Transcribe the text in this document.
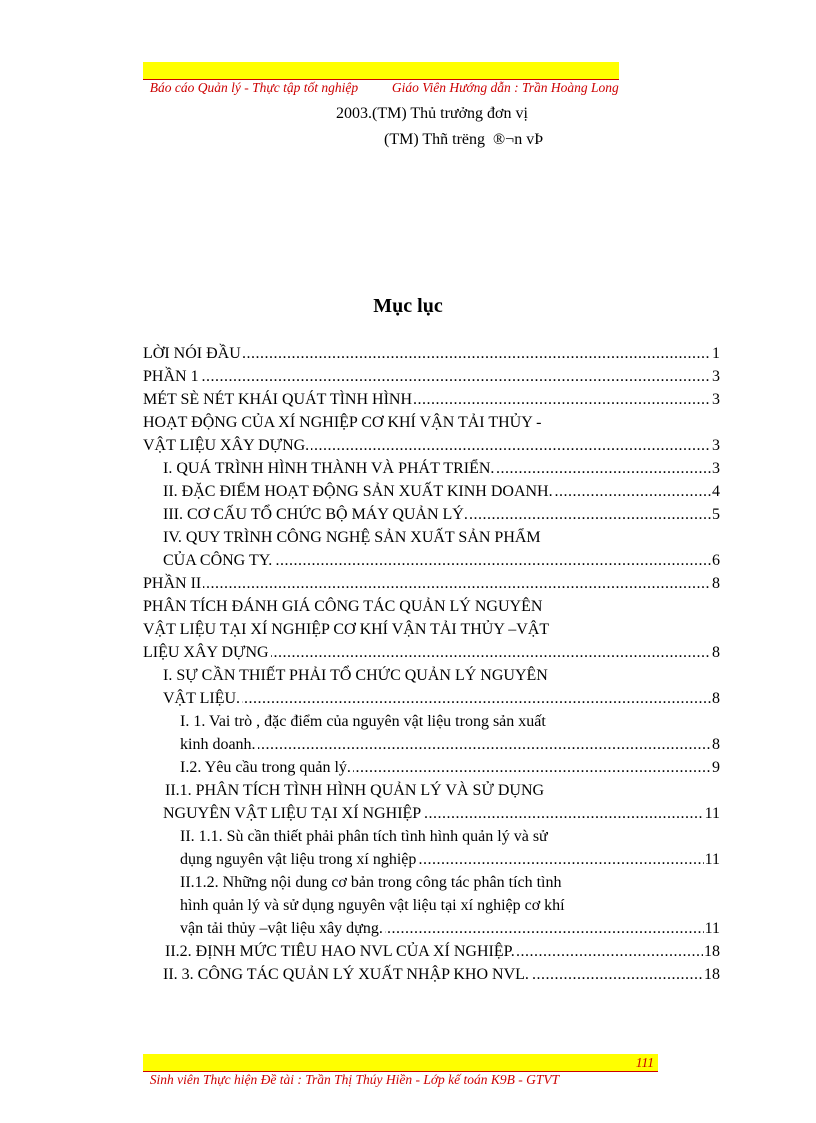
Báo cáo Quản lý - Thực tập tốt nghiệp          Giáo Viên Hướng dẫn : Trần Hoàng Long

2003.(TM) Thủ trưởng đơn vị
(TM) Thñ trëng  ®¬n vÞ
Mục lục
..... LỜI NÓI ĐẦU	1
..... PHẦN 1	3
..... MÉT SÈ NÉT KHÁI QUÁT TÌNH HÌNH	3
HOẠT ĐỘNG CỦA XÍ NGHIỆP CƠ KHÍ VẬN TẢI THỦY -
..... VẬT LIỆU XÂY DỰNG.	3
..... I. QUÁ TRÌNH HÌNH THÀNH VÀ PHÁT TRIỂN.	3
..... II. ĐẶC ĐIỂM HOẠT ĐỘNG SẢN XUẤT KINH DOANH.	4
..... III. CƠ CẤU TỔ CHỨC BỘ MÁY QUẢN LÝ.	5
IV. QUY TRÌNH CÔNG NGHỆ SẢN XUẤT SẢN PHẨM
..... CỦA CÔNG TY.	6
..... PHẦN II	8
PHÂN TÍCH ĐÁNH GIÁ CÔNG TÁC QUẢN LÝ NGUYÊN
VẬT LIỆU TẠI XÍ NGHIỆP CƠ KHÍ VẬN TẢI THỦY –VẬT
..... LIỆU XÂY DỰNG	8
I. SỰ CẦN THIẾT PHẢI TỔ CHỨC QUẢN LÝ NGUYÊN
..... VẬT LIỆU.	8
I. 1. Vai trò , đặc điểm của nguyên vật liệu trong sản xuất
..... kinh doanh.	8
..... I.2. Yêu cầu trong quản lý.	9
II.1. PHÂN TÍCH TÌNH HÌNH QUẢN LÝ VÀ SỬ DỤNG
..... NGUYÊN VẬT LIỆU TẠI XÍ NGHIỆP	11
II. 1.1. Sù cần thiết phải phân tích tình hình quản lý và sử
..... dụng nguyên vật liệu trong xí nghiệp	11
II.1.2. Những nội dung cơ bản trong công tác phân tích tình
hình quản lý và sử dụng nguyên vật liệu tại xí nghiệp cơ khí
..... vận tải thủy –vật liệu xây dựng.	11
..... II.2. ĐỊNH MỨC TIÊU HAO NVL CỦA XÍ NGHIỆP.	18
..... II. 3. CÔNG TÁC QUẢN LÝ XUẤT NHẬP KHO NVL.	18

Sinh viên Thực hiện Đề tài : Trần Thị Thúy Hiền - Lớp kế toán K9B - GTVT

111
